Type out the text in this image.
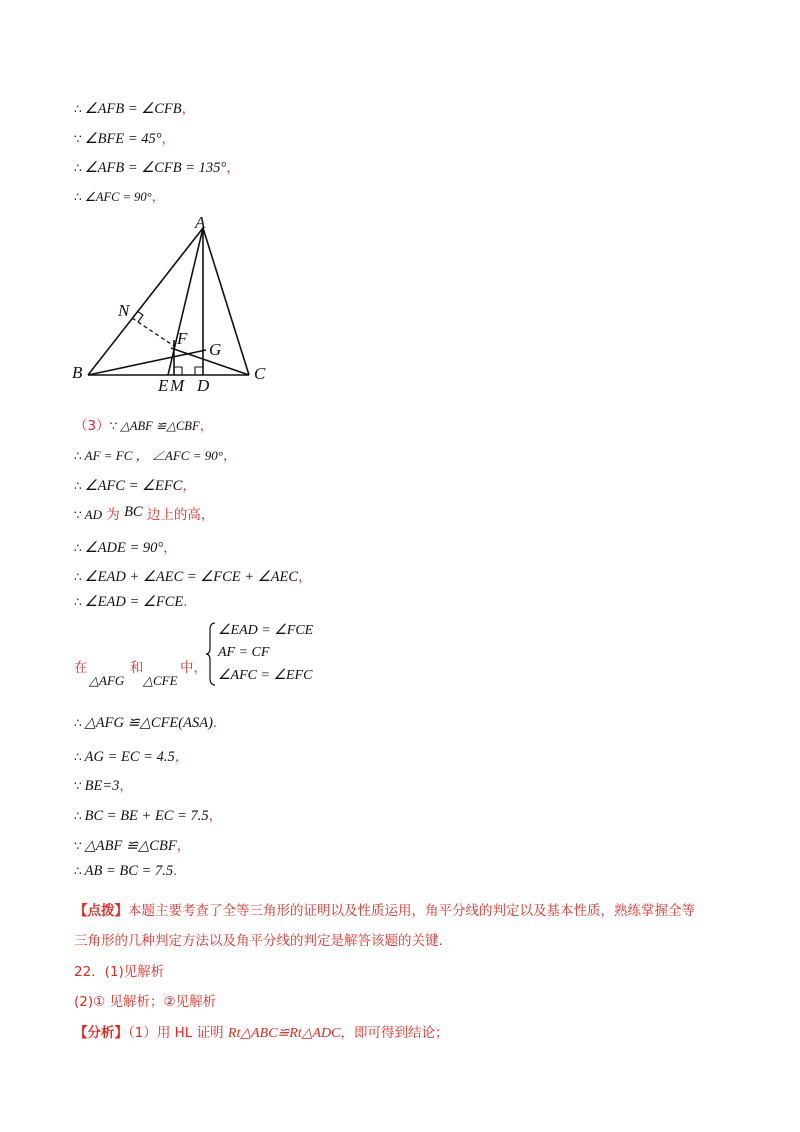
∴ ∠AFB = ∠CFB，
∵ ∠BFE = 45°，
∴ ∠AFB = ∠CFB = 135°，
∴ ∠AFC = 90°，
A
B	C
D
E M
F
G
N
（3）∵ △ABF ≌△CBF，
∴ AF = FC ， ∠AFC = 90°，
∴ ∠AFC = ∠EFC，
∵ AD 为 BC 边上的高，
∴ ∠ADE = 90°，
∴ ∠EAD + ∠AEC = ∠FCE + ∠AEC，
∴ ∠EAD = ∠FCE.
在	和	中，
△AFG △CFE
∠EAD = ∠FCE
AF = CF
∠AFC = ∠EFC
∴ △AFG ≌△CFE(ASA).
∴ AG = EC = 4.5，
∵ BE=3，
∴ BC = BE + EC = 7.5，
∵ △ABF ≌△CBF，
∴ AB = BC = 7.5.
【点拨】本题主要考查了全等三角形的证明以及性质运用，角平分线的判定以及基本性质，熟练掌握全等
三角形的几种判定方法以及角平分线的判定是解答该题的关键.
22．(1)见解析
(2)① 见解析；②见解析
【分析】（1）用 HL 证明 Rt△ABC≌Rt△ADC，即可得到结论；
